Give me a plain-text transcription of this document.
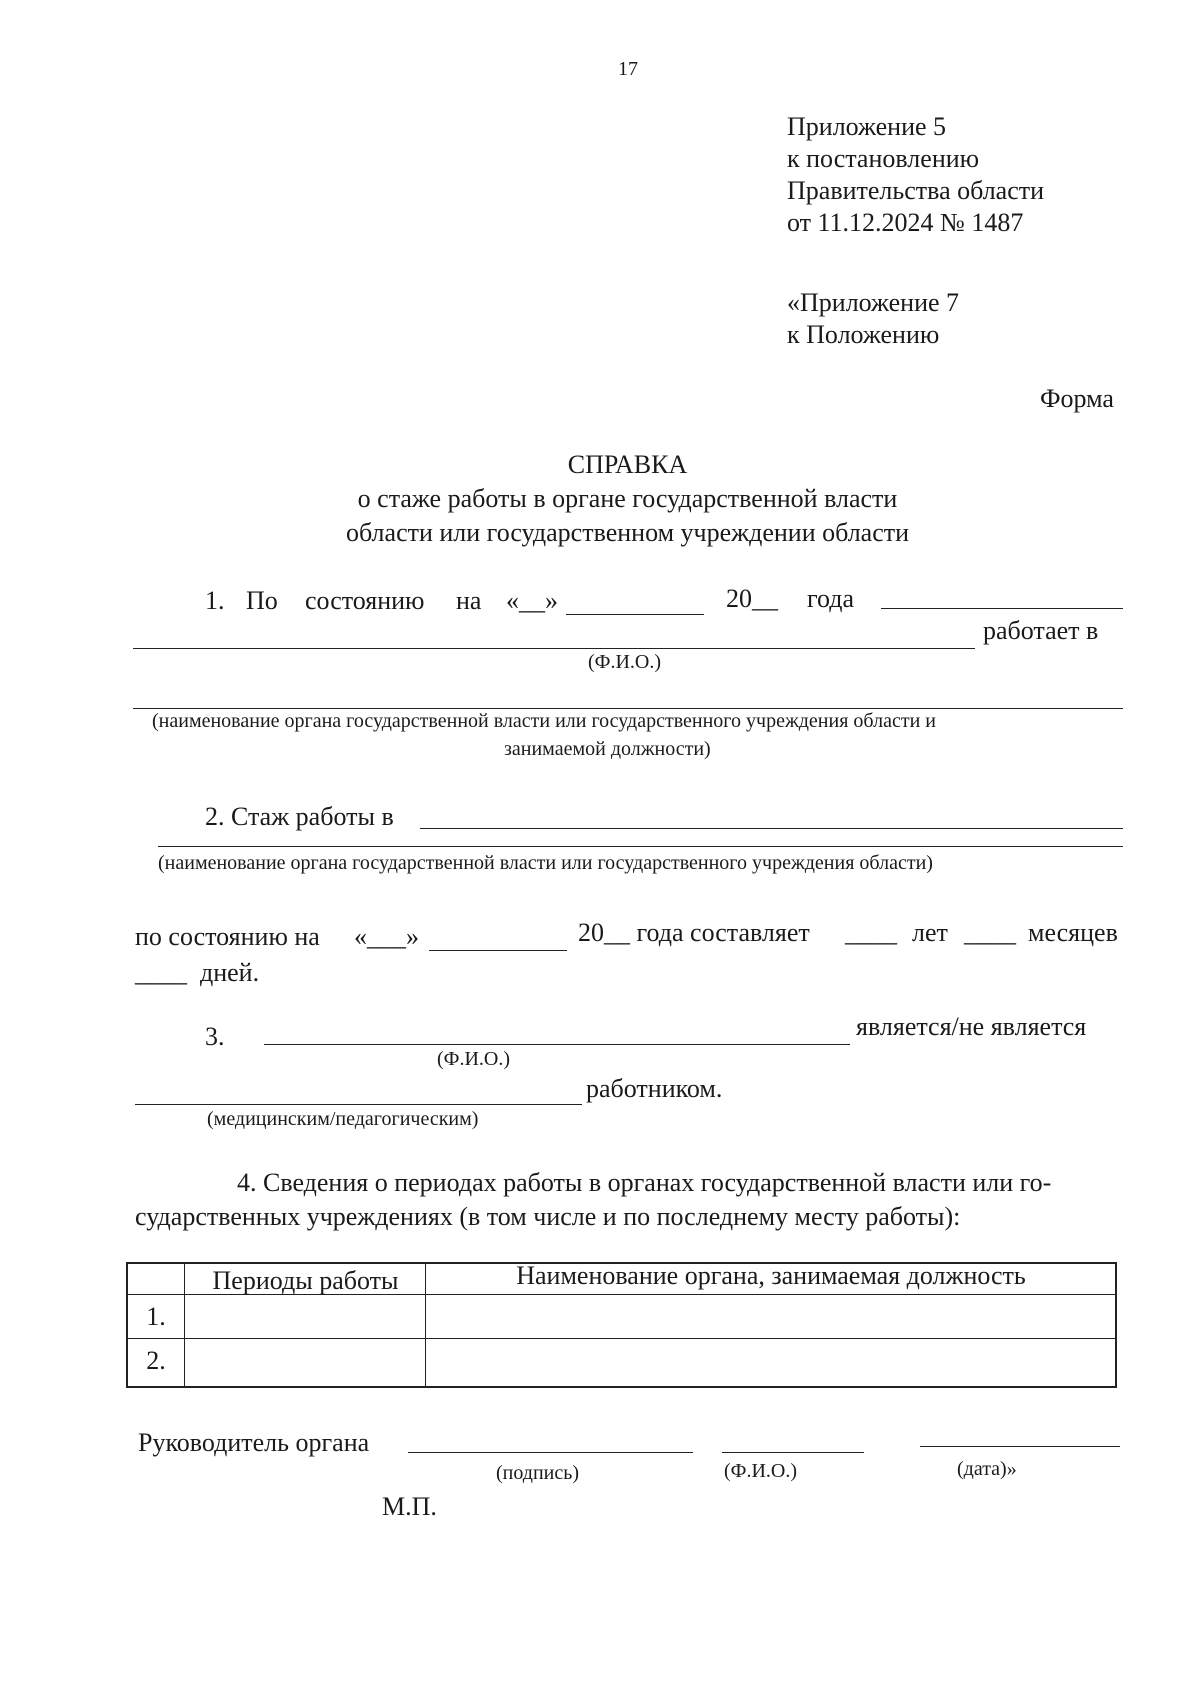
17
Приложение 5
к постановлению
Правительства области
от 11.12.2024 № 1487
«Приложение 7
к Положению
Форма
СПРАВКА
о стаже работы в органе государственной власти
области или государственном учреждении области
1. По состоянию на «__»	20__ года
работает в
(Ф.И.О.)
(наименование органа государственной власти или государственного учреждения области и
занимаемой должности)
2. Стаж работы в
(наименование органа государственной власти или государственного учреждения области)
по состоянию на «___»	20__ года составляет ____ лет ____ месяцев
____ дней.
3.	является/не является
(Ф.И.О.)
работником.
(медицинским/педагогическим)
4. Сведения о периодах работы в органах государственной власти или го-
сударственных учреждениях (в том числе и по последнему месту работы):
Периоды работы	Наименование органа, занимаемая должность
1.
2.
Руководитель органа
(подпись)	(Ф.И.О.)	(дата)»
М.П.
